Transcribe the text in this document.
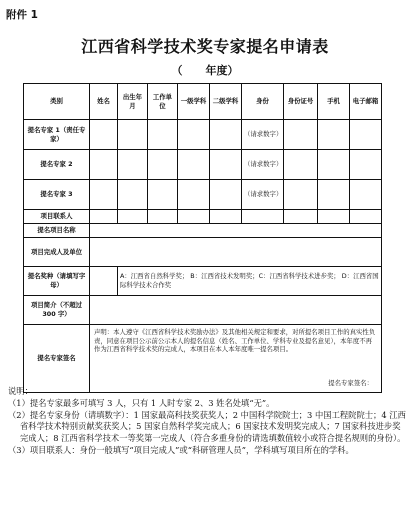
附件 1
江西省科学技术奖专家提名申请表
（      年度）
类别	姓名	出生年月	工作单位	一级学科	二级学科	身份	身份证号	手机	电子邮箱
提名专家 1（责任专家）						（请求数字）			
提名专家 2						（请求数字）			
提名专家 3						（请求数字）			
项目联系人									
提名项目名称									
项目完成人及单位									
提名奖种（请填写字母）		A：江西省自然科学奖； B：江西省技术发明奖；C：江西省科学技术进步奖； D：江西省国际科学技术合作奖							
项目简介（不超过 300 字）									
提名专家签名	声明：本人遵守《江西省科学技术奖励办法》及其他相关规定和要求，对所提名项目工作的真实性负责，同意在项目公示前公示本人的提名信息（姓名、工作单位、学科专业及提名意见），本年度不再作为江西省科学技术奖的完成人，本项目在本人本年度唯一提名项目。
提名专家签名：								

说明：

（1）提名专家最多可填写 3 人，只有 1 人时专家 2、3 姓名处填“无”。

（2）提名专家身份（请填数字）：1 国家最高科技奖获奖人；2 中国科学院院士；3 中国工程院院士；4 江西省科学技术特别贡献奖获奖人；5 国家自然科学奖完成人；6 国家技术发明奖完成人；7 国家科技进步奖完成人；8 江西省科学技术一等奖第一完成人（符合多重身份的请选填数值较小或符合提名规则的身份）。

（3）项目联系人：身份一般填写“项目完成人”或“科研管理人员”，学科填写项目所在的学科。
